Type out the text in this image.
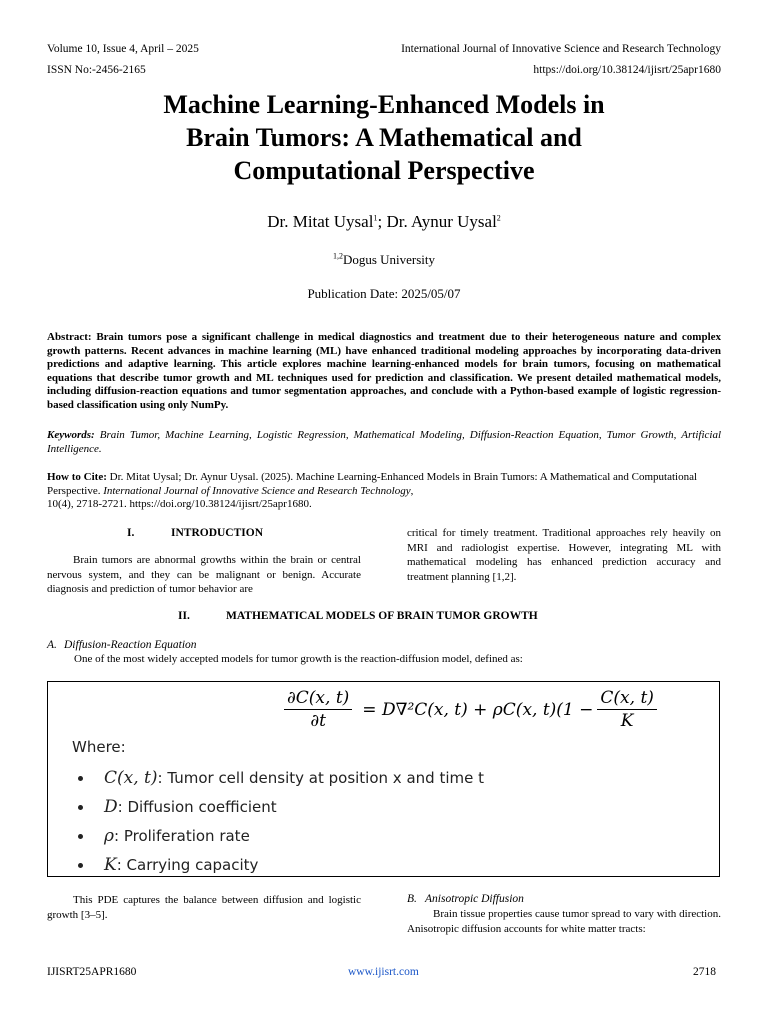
Volume 10, Issue 4, April – 2025
ISSN No:-2456-2165
International Journal of Innovative Science and Research Technology
https://doi.org/10.38124/ijisrt/25apr1680
Machine Learning-Enhanced Models in
Brain Tumors: A Mathematical and
Computational Perspective
Dr. Mitat Uysal$^1$; Dr. Aynur Uysal$^2$
$^{1,2}$Dogus University
Publication Date: 2025/05/07
Abstract: Brain tumors pose a significant challenge in medical diagnostics and treatment due to their heterogeneous nature and complex growth patterns. Recent advances in machine learning (ML) have enhanced traditional modeling approaches by incorporating data-driven predictions and adaptive learning. This article explores machine learning-enhanced models for brain tumors, focusing on mathematical equations that describe tumor growth and ML techniques used for prediction and classification. We present detailed mathematical models, including diffusion-reaction equations and tumor segmentation approaches, and conclude with a Python-based example of logistic regression-based classification using only NumPy.
Keywords: Brain Tumor, Machine Learning, Logistic Regression, Mathematical Modeling, Diffusion-Reaction Equation, Tumor Growth, Artificial Intelligence.
How to Cite: Dr. Mitat Uysal; Dr. Aynur Uysal. (2025). Machine Learning-Enhanced Models in Brain Tumors: A Mathematical and Computational Perspective. International Journal of Innovative Science and Research Technology,
10(4), 2718-2721. https://doi.org/10.38124/ijisrt/25apr1680.
I.	INTRODUCTION
Brain tumors are abnormal growths within the brain or central nervous system, and they can be malignant or benign. Accurate diagnosis and prediction of tumor behavior are
critical for timely treatment. Traditional approaches rely heavily on MRI and radiologist expertise. However, integrating ML with mathematical modeling has enhanced prediction accuracy and treatment planning [1,2].
II.	MATHEMATICAL MODELS OF BRAIN TUMOR GROWTH
A. Diffusion-Reaction Equation
One of the most widely accepted models for tumor growth is the reaction-diffusion model, defined as:
$\frac{\partial C(x, t)}{\partial t} = D\nabla^2C(x$, t) + ρC(x, $t)(1 - \frac{C(x, t)}{K}$
Where:
C(x, t): Tumor cell density at position x and time t
D: Diffusion coefficient
ρ: Proliferation rate
K: Carrying capacity
This PDE captures the balance between diffusion and logistic growth [3–5].
B. Anisotropic Diffusion
Brain tissue properties cause tumor spread to vary with direction. Anisotropic diffusion accounts for white matter tracts:
IJISRT25APR1680	www.ijisrt.com	2718
